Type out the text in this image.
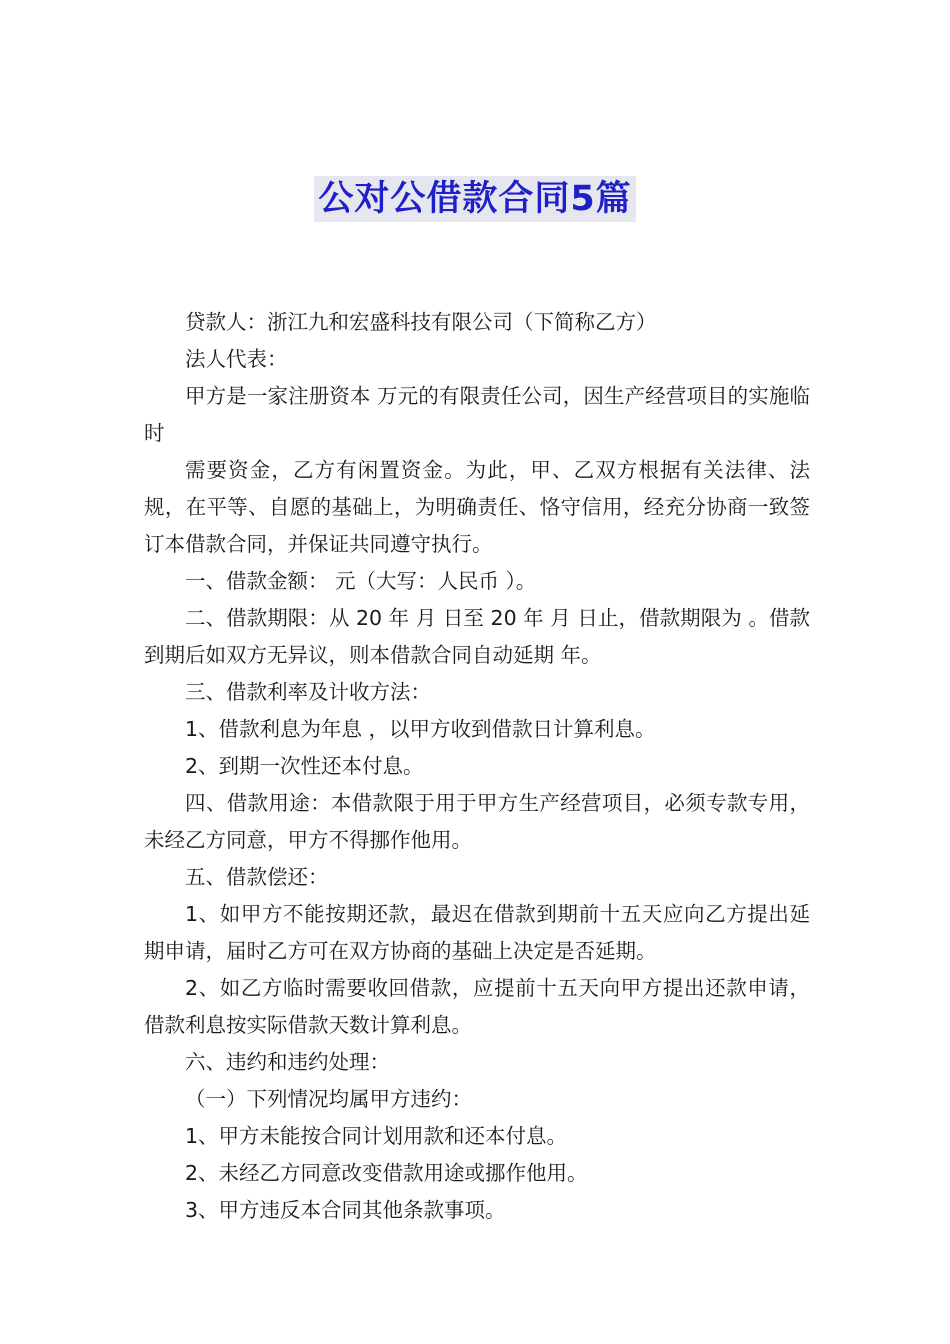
公对公借款合同5篇

贷款人：浙江九和宏盛科技有限公司（下简称乙方）

法人代表：

甲方是一家注册资本 万元的有限责任公司，因生产经营项目的实施临时

需要资金，乙方有闲置资金。为此，甲、乙双方根据有关法律、法规，在平等、自愿的基础上，为明确责任、恪守信用，经充分协商一致签订本借款合同，并保证共同遵守执行。

一、借款金额： 元（大写：人民币 ）。

二、借款期限：从 20 年 月 日至 20 年 月 日止，借款期限为 。借款到期后如双方无异议，则本借款合同自动延期 年。

三、借款利率及计收方法：

1、借款利息为年息 ，以甲方收到借款日计算利息。

2、到期一次性还本付息。

四、借款用途：本借款限于用于甲方生产经营项目，必须专款专用，未经乙方同意，甲方不得挪作他用。

五、借款偿还：

1、如甲方不能按期还款，最迟在借款到期前十五天应向乙方提出延期申请，届时乙方可在双方协商的基础上决定是否延期。

2、如乙方临时需要收回借款，应提前十五天向甲方提出还款申请，借款利息按实际借款天数计算利息。

六、违约和违约处理：

（一）下列情况均属甲方违约：

1、甲方未能按合同计划用款和还本付息。

2、未经乙方同意改变借款用途或挪作他用。

3、甲方违反本合同其他条款事项。
